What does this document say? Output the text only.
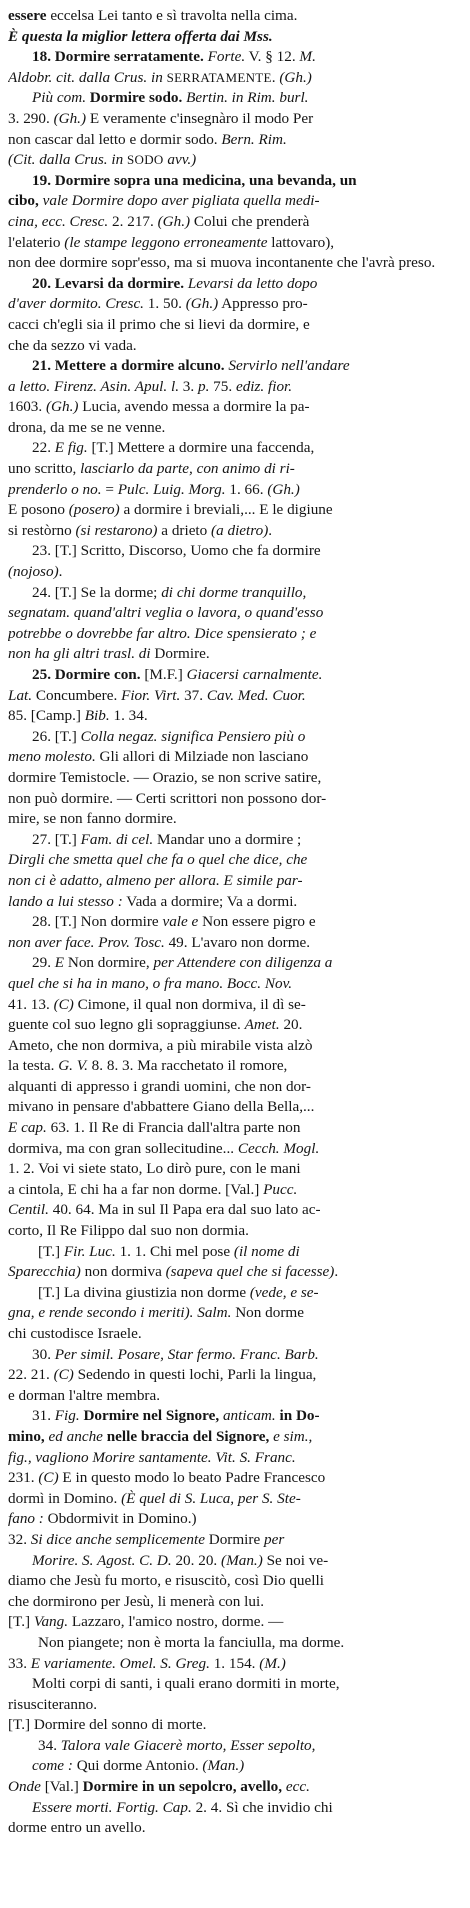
essere eccelsa Lei tanto e sì travolta nella cima.
È questa la miglior lettera offerta dai Mss.
18. Dormire serratamente. Forte. V. § 12. M.
Aldobr. cit. dalla Crus. in SERRATAMENTE. (Gh.)
Più com. Dormire sodo. Bertin. in Rim. burl.
3. 290. (Gh.) E veramente c'insegnàro il modo Per
non cascar dal letto e dormir sodo. Bern. Rim.
(Cit. dalla Crus. in SODO avv.)
19. Dormire sopra una medicina, una bevanda, un
cibo, vale Dormire dopo aver pigliata quella medi-
cina, ecc. Cresc. 2. 217. (Gh.) Colui che prenderà
l'elaterio (le stampe leggono erroneamente lattovaro),
non dee dormire sopr'esso, ma si muova incontanente che l'avrà preso.
20. Levarsi da dormire. Levarsi da letto dopo
d'aver dormito. Cresc. 1. 50. (Gh.) Appresso pro-
cacci ch'egli sia il primo che si lievi da dormire, e
che da sezzo vi vada.
21. Mettere a dormire alcuno. Servirlo nell'andare
a letto. Firenz. Asin. Apul. l. 3. p. 75. ediz. fior.
1603. (Gh.) Lucia, avendo messa a dormire la pa-
drona, da me se ne venne.
22. E fig. [T.] Mettere a dormire una faccenda,
uno scritto, lasciarlo da parte, con animo di ri-
prenderlo o no. = Pulc. Luig. Morg. 1. 66. (Gh.)
E posono (posero) a dormire i breviali,... E le digiune
si restòrno (si restarono) a drieto (a dietro).
23. [T.] Scritto, Discorso, Uomo che fa dormire
(nojoso).
24. [T.] Se la dorme; di chi dorme tranquillo,
segnatam. quand'altri veglia o lavora, o quand'esso
potrebbe o dovrebbe far altro. Dice spensierato ; e
non ha gli altri trasl. di Dormire.
25. Dormire con. [M.F.] Giacersi carnalmente.
Lat. Concumbere. Fior. Virt. 37. Cav. Med. Cuor.
85. [Camp.] Bib. 1. 34.
26. [T.] Colla negaz. significa Pensiero più o
meno molesto. Gli allori di Milziade non lasciano
dormire Temistocle. — Orazio, se non scrive satire,
non può dormire. — Certi scrittori non possono dor-
mire, se non fanno dormire.
27. [T.] Fam. di cel. Mandar uno a dormire ;
Dirgli che smetta quel che fa o quel che dice, che
non ci è adatto, almeno per allora. E simile par-
lando a lui stesso : Vada a dormire; Va a dormi.
28. [T.] Non dormire vale e Non essere pigro e
non aver face. Prov. Tosc. 49. L'avaro non dorme.
29. E Non dormire, per Attendere con diligenza a
quel che si ha in mano, o fra mano. Bocc. Nov.
41. 13. (C) Cimone, il qual non dormiva, il dì se-
guente col suo legno gli sopraggiunse. Amet. 20.
Ameto, che non dormiva, a più mirabile vista alzò
la testa. G. V. 8. 8. 3. Ma racchetato il romore,
alquanti di appresso i grandi uomini, che non dor-
mivano in pensare d'abbattere Giano della Bella,...
E cap. 63. 1. Il Re di Francia dall'altra parte non
dormiva, ma con gran sollecitudine... Cecch. Mogl.
1. 2. Voi vi siete stato, Lo dirò pure, con le mani
a cintola, E chi ha a far non dorme. [Val.] Pucc.
Centil. 40. 64. Ma in sul Il Papa era dal suo lato ac-
corto, Il Re Filippo dal suo non dormia.
[T.] Fir. Luc. 1. 1. Chi mel pose (il nome di
Sparecchia) non dormiva (sapeva quel che si facesse).
[T.] La divina giustizia non dorme (vede, e se-
gna, e rende secondo i meriti). Salm. Non dorme
chi custodisce Israele.
30. Per simil. Posare, Star fermo. Franc. Barb.
22. 21. (C) Sedendo in questi lochi, Parli la lingua,
e dorman l'altre membra.
31. Fig. Dormire nel Signore, anticam. in Do-
mino, ed anche nelle braccia del Signore, e sim.,
fig., vagliono Morire santamente. Vit. S. Franc.
231. (C) E in questo modo lo beato Padre Francesco
dormì in Domino. (È quel di S. Luca, per S. Ste-
fano : Obdormivit in Domino.)
32. Si dice anche semplicemente Dormire per
Morire. S. Agost. C. D. 20. 20. (Man.) Se noi ve-
diamo che Jesù fu morto, e risuscitò, così Dio quelli
che dormirono per Jesù, li menerà con lui.
[T.] Vang. Lazzaro, l'amico nostro, dorme. —
Non piangete; non è morta la fanciulla, ma dorme.
33. E variamente. Omel. S. Greg. 1. 154. (M.)
Molti corpi di santi, i quali erano dormiti in morte,
risusciteranno.
[T.] Dormire del sonno di morte.
34. Talora vale Giacerè morto, Esser sepolto,
come : Qui dorme Antonio. (Man.)
Onde [Val.] Dormire in un sepolcro, avello, ecc.
Essere morti. Fortig. Cap. 2. 4. Sì che invidio chi
dorme entro un avello.
